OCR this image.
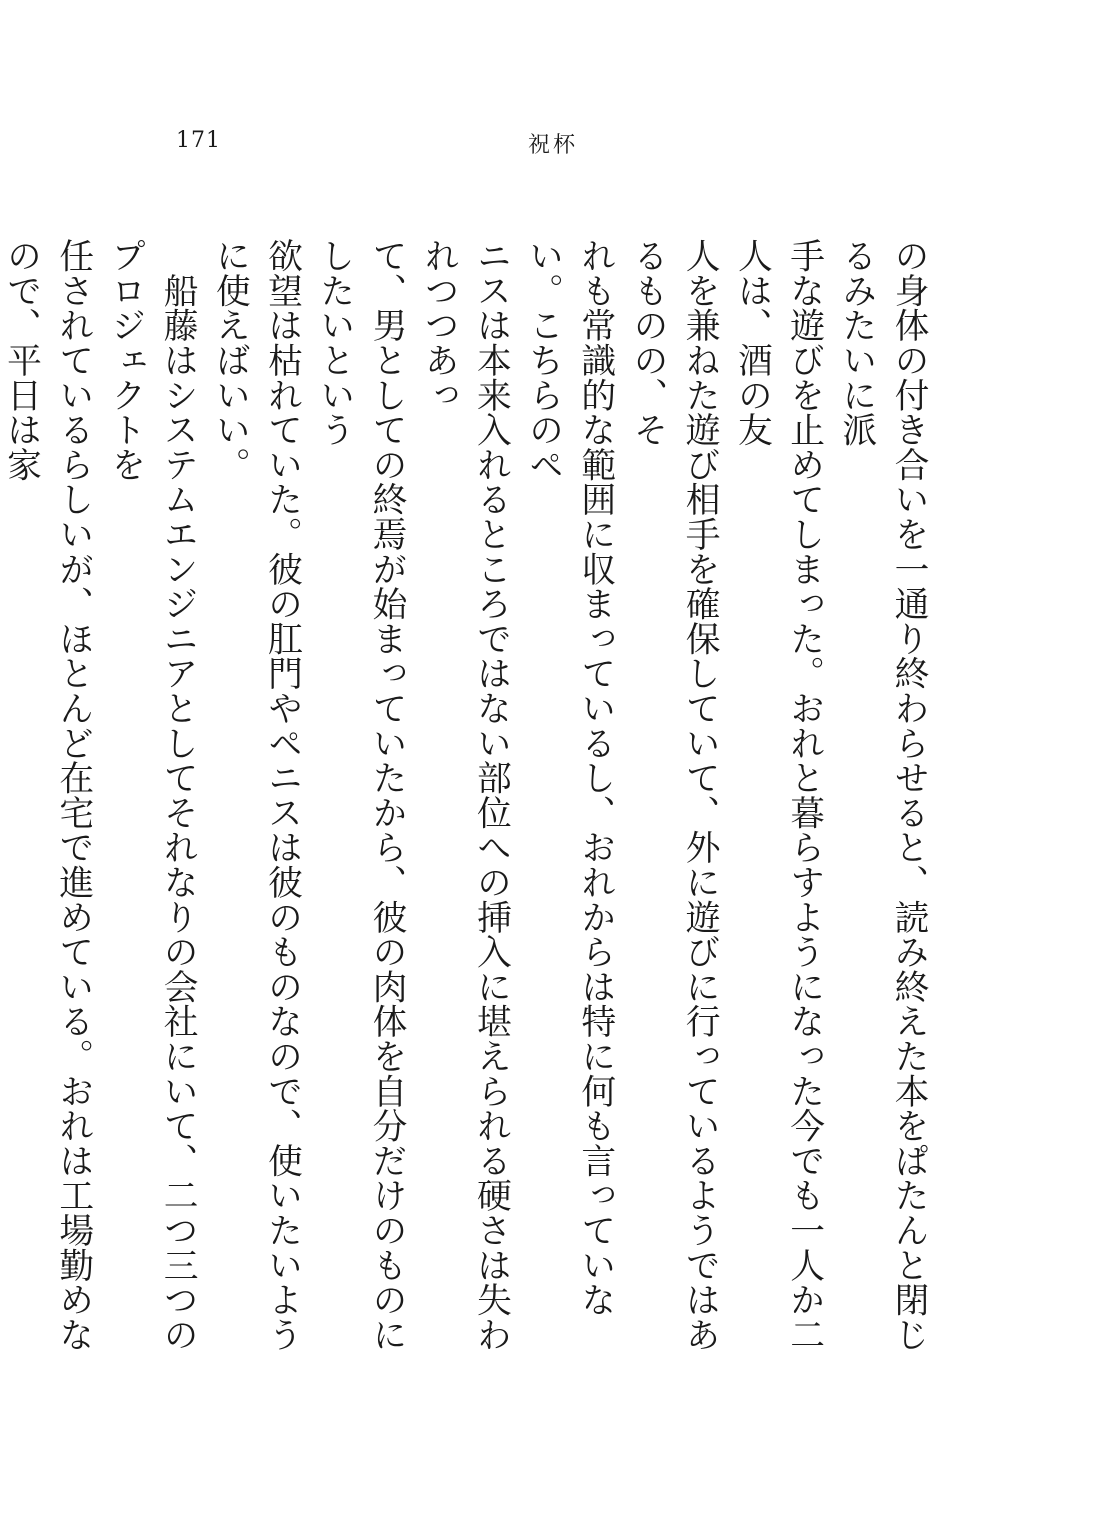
171	祝杯

の身体の付き合いを一通り終わらせると、読み終えた本をぱたんと閉じるみたいに派
手な遊びを止めてしまった。おれと暮らすようになった今でも一人か二人は、酒の友
人を兼ねた遊び相手を確保していて、外に遊びに行っているようではあるものの、そ
れも常識的な範囲に収まっているし、おれからは特に何も言っていない。こちらのペ
ニスは本来入れるところではない部位への挿入に堪えられる硬さは失われつつあっ
て、男としての終焉が始まっていたから、彼の肉体を自分だけのものにしたいという
欲望は枯れていた。彼の肛門やペニスは彼のものなので、使いたいように使えばいい。
　船藤はシステムエンジニアとしてそれなりの会社にいて、二つ三つのプロジェクトを
任されているらしいが、ほとんど在宅で進めている。おれは工場勤めなので、平日は家
